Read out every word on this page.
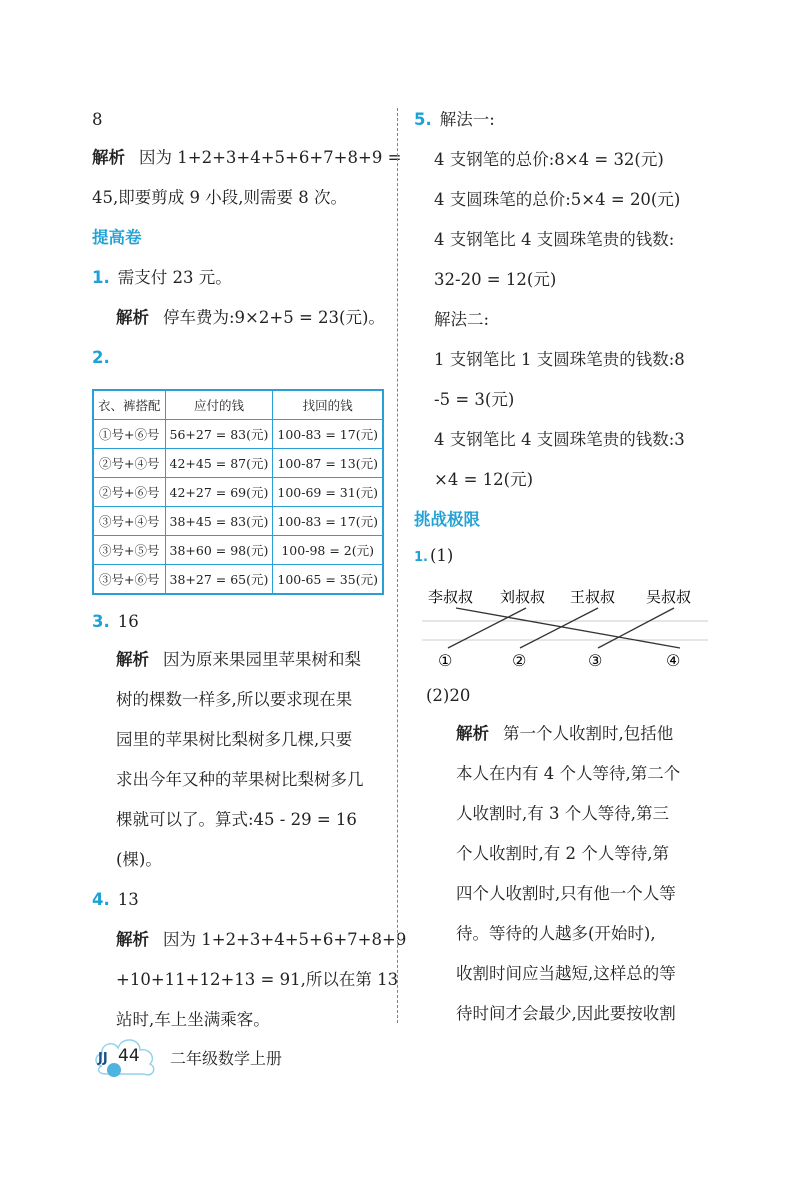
8
解析 因为 1+2+3+4+5+6+7+8+9 =
45,即要剪成 9 小段,则需要 8 次。
提高卷
1. 需支付 23 元。
解析 停车费为:9×2+5 = 23(元)。
2.
衣、裤搭配	应付的钱	找回的钱
①号+⑥号	56+27 = 83(元)	100-83 = 17(元)
②号+④号	42+45 = 87(元)	100-87 = 13(元)
②号+⑥号	42+27 = 69(元)	100-69 = 31(元)
③号+④号	38+45 = 83(元)	100-83 = 17(元)
③号+⑤号	38+60 = 98(元)	100-98 = 2(元)
③号+⑥号	38+27 = 65(元)	100-65 = 35(元)
3. 16
解析 因为原来果园里苹果树和梨
树的棵数一样多,所以要求现在果
园里的苹果树比梨树多几棵,只要
求出今年又种的苹果树比梨树多几
棵就可以了。算式:45 - 29 = 16
(棵)。
4. 13
解析 因为 1+2+3+4+5+6+7+8+9
+10+11+12+13 = 91,所以在第 13
站时,车上坐满乘客。
5. 解法一:
4 支钢笔的总价:8×4 = 32(元)
4 支圆珠笔的总价:5×4 = 20(元)
4 支钢笔比 4 支圆珠笔贵的钱数:
32-20 = 12(元)
解法二:
1 支钢笔比 1 支圆珠笔贵的钱数:8
-5 = 3(元)
4 支钢笔比 4 支圆珠笔贵的钱数:3
×4 = 12(元)
挑战极限
1. (1)
李叔叔 刘叔叔 王叔叔 吴叔叔
①	②	③	④
(2)20
解析 第一个人收割时,包括他
本人在内有 4 个人等待,第二个
人收割时,有 3 个人等待,第三
个人收割时,有 2 个人等待,第
四个人收割时,只有他一个人等
待。等待的人越多(开始时),
收割时间应当越短,这样总的等
待时间才会最少,因此要按收割
JJ 44 二年级数学上册
